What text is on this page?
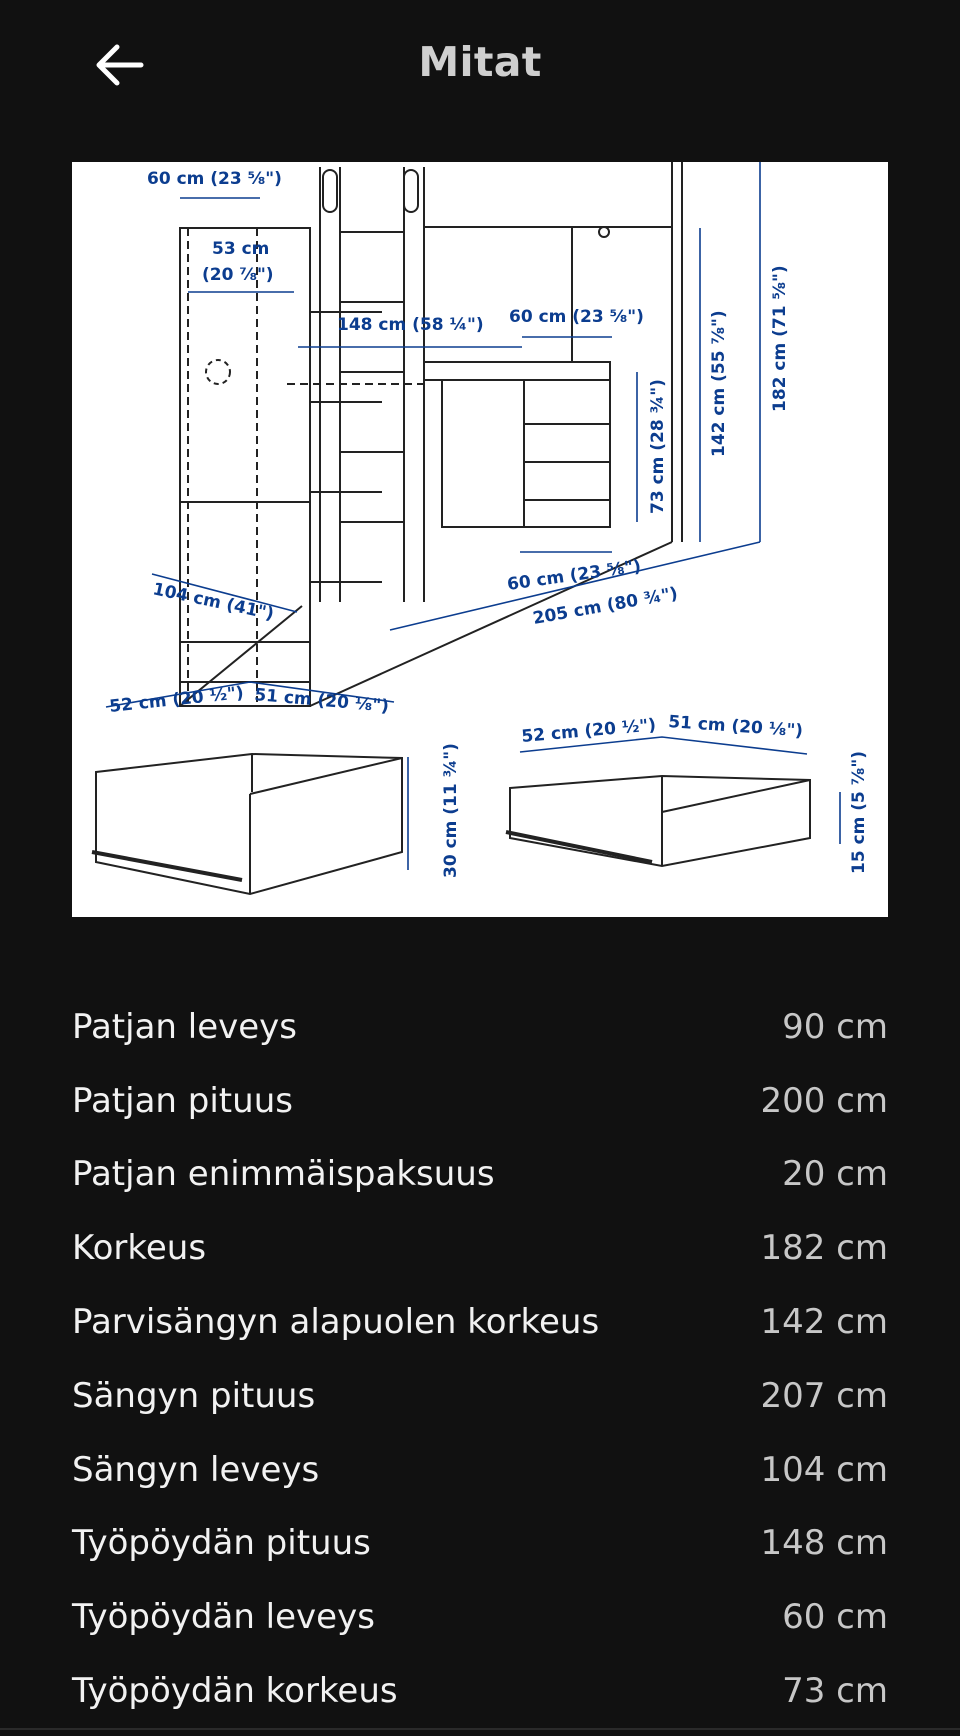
Mitat
60 cm (23 ⅝")
53 cm
(20 ⅞")
148 cm (58 ¼") 60 cm (23 ⅝")	142 cm (55 ⅞") 182 cm (71 ⅝")
73 cm (28 ¾")
60 cm (23 ⅝")
205 cm (80 ¾")
104 cm (41")
52 cm (20 ½") 51 cm (20 ⅛")
30 cm (11 ¾")
52 cm (20 ½") 51 cm (20 ⅛")
15 cm (5 ⅞")
Patjan leveys	90 cm
Patjan pituus	200 cm
Patjan enimmäispaksuus	20 cm
Korkeus	182 cm
Parvisängyn alapuolen korkeus	142 cm
Sängyn pituus	207 cm
Sängyn leveys	104 cm
Työpöydän pituus	148 cm
Työpöydän leveys	60 cm
Työpöydän korkeus	73 cm
